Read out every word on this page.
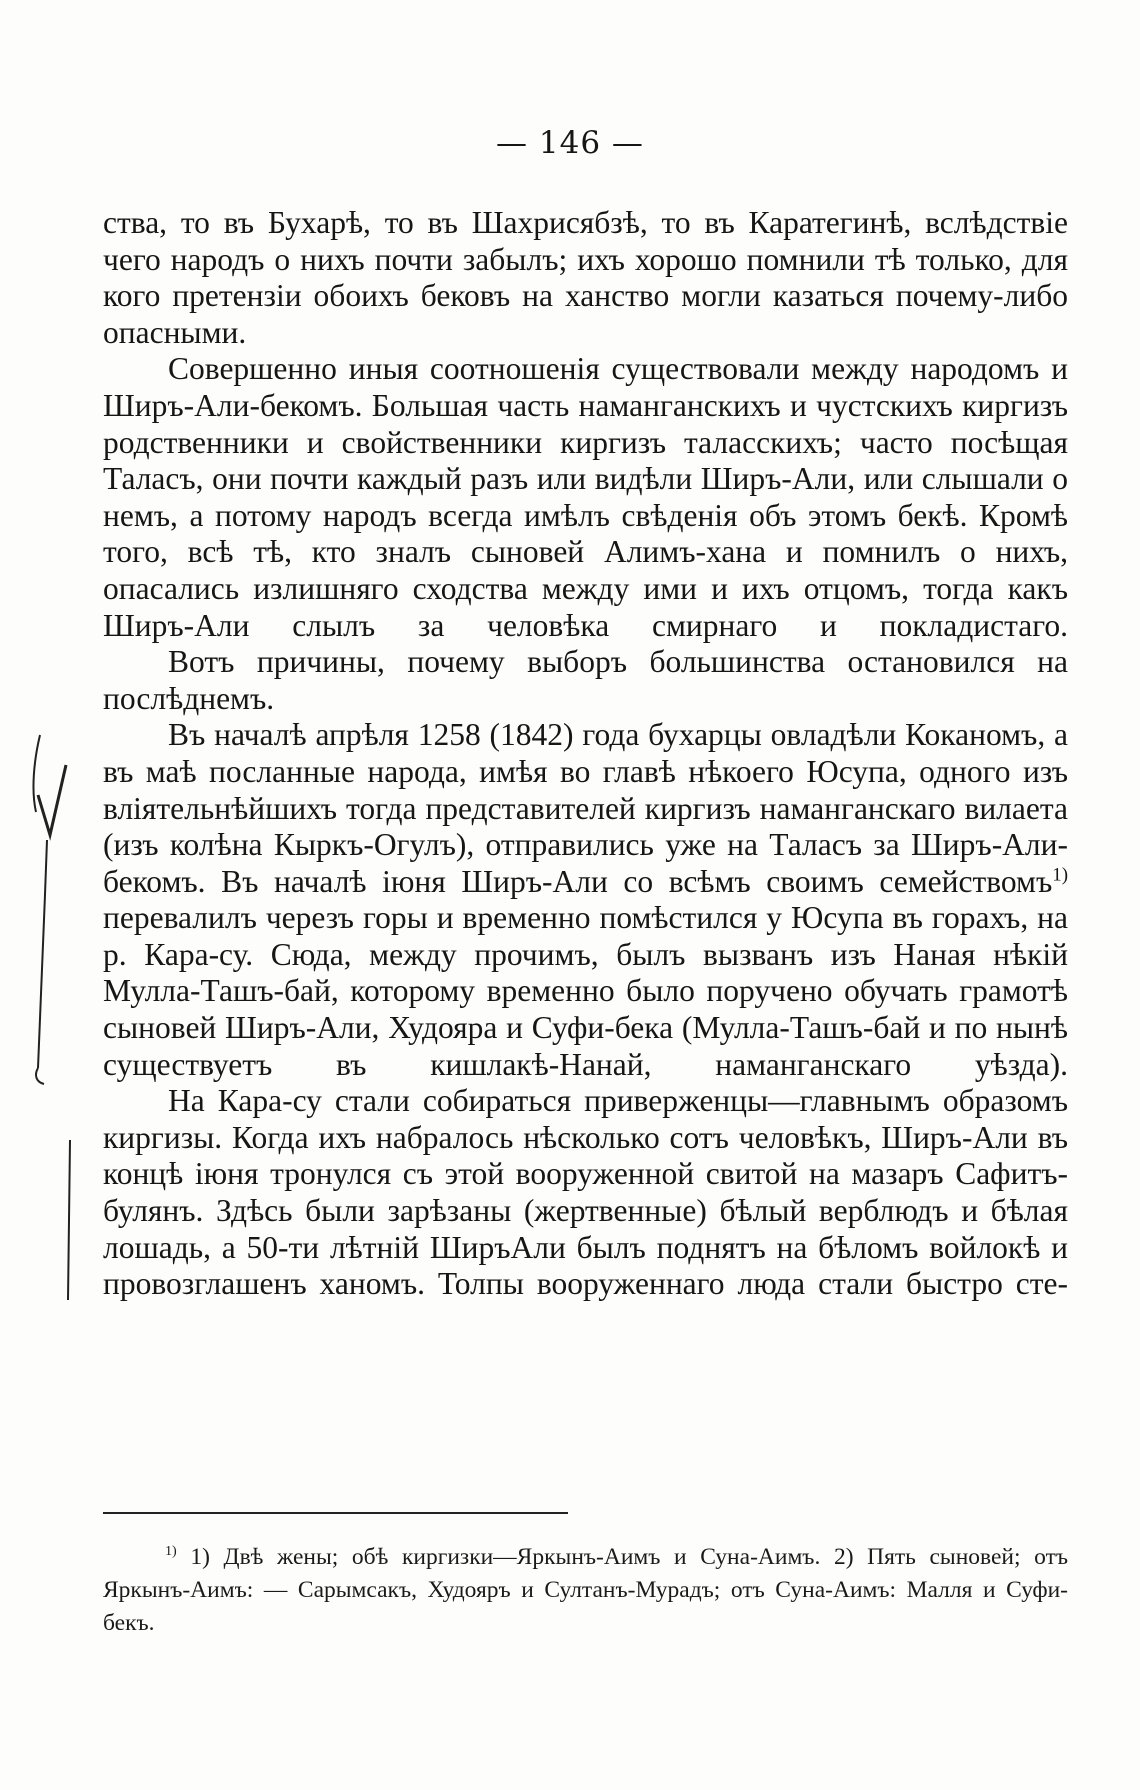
— 146 —

ства, то въ Бухарѣ, то въ Шахрисябзѣ, то въ Каратегинѣ, вслѣдствіе чего народъ о нихъ почти забылъ; ихъ хорошо помнили тѣ только, для кого претензіи обоихъ бековъ на ханство могли казаться почему-либо опасными.

Совершенно иныя соотношенія существовали между народомъ и Ширъ-Али-бекомъ. Большая часть наманганскихъ и чустскихъ киргизъ родственники и свойственники киргизъ таласскихъ; часто посѣщая Таласъ, они почти каждый разъ или видѣли Ширъ-Али, или слышали о немъ, а потому народъ всегда имѣлъ свѣденія объ этомъ бекѣ. Кромѣ того, всѣ тѣ, кто зналъ сыновей Алимъ-хана и помнилъ о нихъ, опасались излишняго сходства между ими и ихъ отцомъ, тогда какъ Ширъ-Али слылъ за человѣка смирнаго и покладистаго.

Вотъ причины, почему выборъ большинства остановился на послѣднемъ.

Въ началѣ апрѣля 1258 (1842) года бухарцы овладѣли Коканомъ, а въ маѣ посланные народа, имѣя во главѣ нѣкоего Юсупа, одного изъ вліятельнѣйшихъ тогда представителей киргизъ наманганскаго вилаета (изъ колѣна Кыркъ-Огулъ), отправились уже на Таласъ за Ширъ-Али-бекомъ. Въ началѣ іюня Ширъ-Али со всѣмъ своимъ семействомъ$^{1)}$ перевалилъ черезъ горы и временно помѣстился у Юсупа въ горахъ, на р. Кара-су. Сюда, между прочимъ, былъ вызванъ изъ Наная нѣкій Мулла-Ташъ-бай, которому временно было поручено обучать грамотѣ сыновей Ширъ-Али, Худояра и Суфи-бека (Мулла-Ташъ-бай и по нынѣ существуетъ въ кишлакѣ-Нанай, наманганскаго уѣзда).

На Кара-су стали собираться приверженцы—главнымъ образомъ киргизы. Когда ихъ набралось нѣсколько сотъ человѣкъ, Ширъ-Али въ концѣ іюня тронулся съ этой вооруженной свитой на мазаръ Сафитъ-булянъ. Здѣсь были зарѣзаны (жертвенные) бѣлый верблюдъ и бѣлая лошадь, а 50-ти лѣтній ШиръАли былъ поднятъ на бѣломъ войлокѣ и провозглашенъ ханомъ. Толпы вооруженнаго люда стали быстро сте-

$^{1)}$ 1) Двѣ жены; обѣ киргизки—Яркынъ-Аимъ и Суна-Аимъ. 2) Пять сыновей; отъ Яркынъ-Аимъ: — Сарымсакъ, Худояръ и Султанъ-Мурадъ; отъ Суна-Аимъ: Малля и Суфи-бекъ.
